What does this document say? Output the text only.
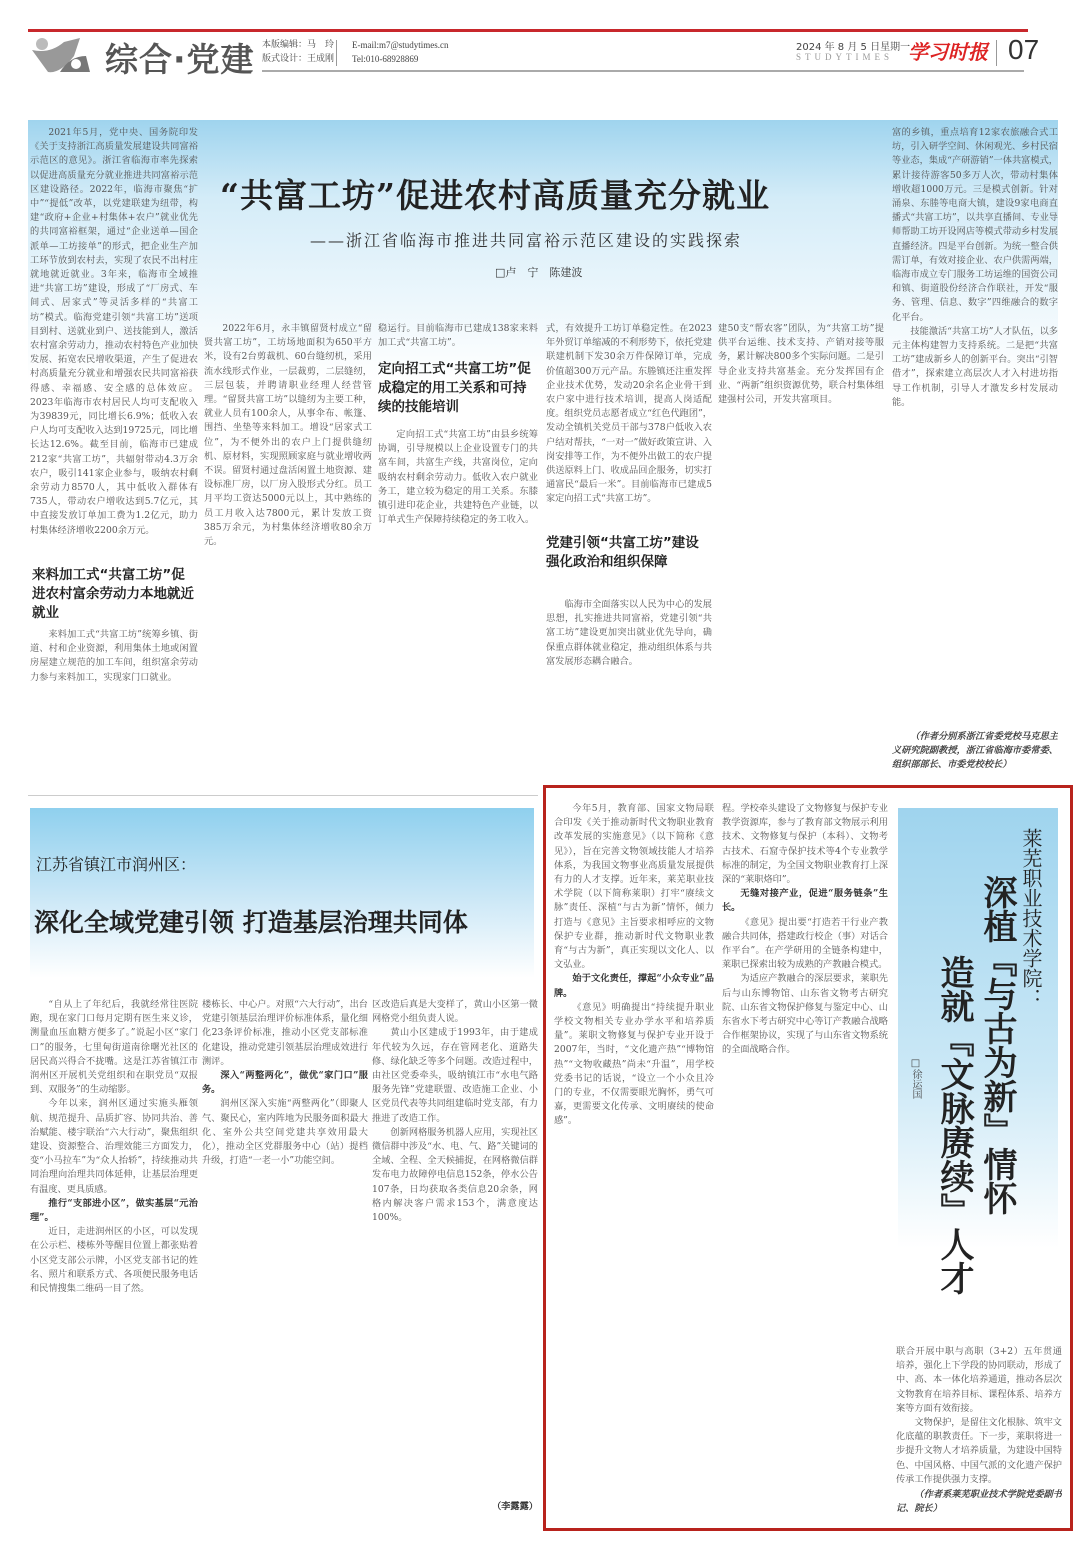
综合·党建 本版编辑：马　玲
版式设计：王成刚
E-mail:m7@studytimes.cn
Tel:010-68928869
2024 年 8 月 5 日星期一
STUDYTIMES 学习时报 07
“共富工坊”促进农村高质量充分就业
——浙江省临海市推进共同富裕示范区建设的实践探索
□卢　宁　陈建波

2021年5月，党中央、国务院印发《关于支持浙江高质量发展建设共同富裕示范区的意见》。浙江省临海市率先探索以促进高质量充分就业推进共同富裕示范区建设路径。2022年，临海市聚焦“扩中”“提低”改革，以党建联建为纽带，构建“政府+企业+村集体+农户”就业优先的共同富裕框架，通过“企业送单—国企派单—工坊接单”的形式，把企业生产加工环节放到农村去，实现了农民不出村庄就地就近就业。3年来，临海市全域推进“共富工坊”建设，形成了“厂房式、车间式、居家式”等灵活多样的“共富工坊”模式。临海党建引领“共富工坊”送项目到村、送就业到户、送技能到人，激活农村富余劳动力，推动农村特色产业加快发展、拓宽农民增收渠道，产生了促进农村高质量充分就业和增强农民共同富裕获得感、幸福感、安全感的总体效应。2023年临海市农村居民人均可支配收入为39839元，同比增长6.9%；低收入农户人均可支配收入达到19725元，同比增长达12.6%。截至目前，临海市已建成212家“共富工坊”，共辐射带动4.3万余农户，吸引141家企业参与，吸纳农村剩余劳动力8570人，其中低收入群体有735人，带动农户增收达到5.7亿元，其中直接发放订单加工费为1.2亿元，助力村集体经济增收2200余万元。

来料加工式“共富工坊”促进农村富余劳动力本地就近就业

来料加工式“共富工坊”统筹乡镇、街道、村和企业资源，利用集体土地或闲置房屋建立规范的加工车间，组织富余劳动力参与来料加工，实现家门口就业。

2022年6月，永丰镇留贤村成立“留贤共富工坊”，工坊场地面积为650平方米，设有2台剪裁机、60台缝纫机，采用流水线形式作业，一层裁剪，二层缝纫，三层包装，并聘请职业经理人经营管理。“留贤共富工坊”以缝纫为主要工种，就业人员有100余人，从事伞布、帐篷、围挡、坐垫等来料加工。增设“居家式工位”，为不便外出的农户上门提供缝纫机、原材料，实现照顾家庭与就业增收两不误。留贤村通过盘活闲置土地资源、建设标准厂房，以厂房入股形式分红。员工月平均工资达5000元以上，其中熟练的员工月收入达7800元，累计发放工资385万余元，为村集体经济增收80余万元。

稳运行。目前临海市已建成138家来料加工式“共富工坊”。

定向招工式“共富工坊”促成稳定的用工关系和可持续的技能培训

定向招工式“共富工坊”由县乡统筹协调，引导规模以上企业设置专门的共富车间，共富生产线，共富岗位，定向吸纳农村剩余劳动力。低收入农户就业务工，建立较为稳定的用工关系。东膝镇引进印花企业，共建特色产业链，以订单式生产保障持续稳定的务工收入。

式，有效提升工坊订单稳定性。在2023年外贸订单缩减的不利形势下，依托党建联建机制下发30余万件保障订单，完成价值超300万元产品。东塍镇还注重发挥企业技术优势，发动20余名企业骨干到农户家中进行技术培训，提高人岗适配度。组织党员志愿者成立“红色代跑团”，发动全镇机关党员干部与378户低收入农户结对帮扶，“一对一”做好政策宣讲、入岗安排等工作，为不便外出做工的农户提供送原料上门、收成品回企服务，切实打通富民“最后一米”。目前临海市已建成5家定向招工式“共富工坊”。

党建引领“共富工坊”建设强化政治和组织保障

临海市全面落实以人民为中心的发展思想，扎实推进共同富裕，党建引领“共富工坊”建设更加突出就业优先导向，确保重点群体就业稳定，推动组织体系与共富发展形态耦合融合。

建50支“帮农客”团队，为“共富工坊”提供平台运维、技术支持、产销对接等服务，累计解决800多个实际问题。二是引导企业支持共富基金。充分发挥国有企业、“两新”组织资源优势，联合村集体组建强村公司，开发共富项目。

富的乡镇，重点培育12家农旅融合式工坊，引入研学空间、休闲观光、乡村民宿等业态，集成“产研游销”一体共富模式，累计接待游客50多万人次，带动村集体增收超1000万元。三是模式创新。针对涌泉、东塍等电商大镇，建设9家电商直播式“共富工坊”，以共享直播间、专业导师帮助工坊开设网店等模式带动乡村发展直播经济。四是平台创新。为统一整合供需订单，有效对接企业、农户供需两端，临海市成立专门服务工坊运维的国资公司和镇、街道股份经济合作联社，开发“服务、管理、信息、数字”四维融合的数字化平台。

技能激活“共富工坊”人才队伍，以多元主体构建智力支持系统。二是把“共富工坊”建成新乡人的创新平台。突出“引智借才”，探索建立高层次人才入村进坊指导工作机制，引导人才激发乡村发展动能。

（作者分别系浙江省委党校马克思主义研究院副教授，浙江省临海市委常委、组织部部长、市委党校校长）

江苏省镇江市润州区：
深化全域党建引领 打造基层治理共同体

“自从上了年纪后，我就经常往医院跑，现在家门口每月定期有医生来义诊，测量血压血糖方便多了。”说起小区“家门口”的服务，七里甸街道南徐曙光社区的居民高兴得合不拢嘴。这是江苏省镇江市润州区开展机关党组织和在职党员“双报到、双服务”的生动缩影。

今年以来，润州区通过实施头雁领航、规范提升、品质扩容、协同共治、善治赋能、楼宇联治“六大行动”，聚焦组织建设、资源整合、治理效能三方面发力，变“小马拉车”为“众人抬轿”，持续推动共同治理向治理共同体延伸，让基层治理更有温度、更具质感。

推行“支部进小区”，做实基层“元治理”。

近日，走进润州区的小区，可以发现在公示栏、楼栋外等醒目位置上都张贴着小区党支部公示牌，小区党支部书记的姓名、照片和联系方式、各项便民服务电话和民情搜集二维码一目了然。

楼栋长、中心户。对照“六大行动”，出台党建引领基层治理评价标准体系，量化细化23条评价标准，推动小区党支部标准化建设，推动党建引领基层治理成效进行测评。

深入“两整两化”，做优“家门口”服务。

润州区深入实施“两整两化”（即聚人气、聚民心，室内阵地为民服务面积最大化、室外公共空间党建共享效用最大化），推动全区党群服务中心（站）提档升级，打造“一老一小”功能空间。

区改造后真是大变样了，黄山小区第一微网格党小组负责人说。

黄山小区建成于1993年，由于建成年代较为久远，存在管网老化、道路失修、绿化缺乏等多个问题。改造过程中，由社区党委牵头，吸纳镇江市“水电气路服务先锋”党建联盟、改造施工企业、小区党员代表等共同组建临时党支部，有力推进了改造工作。

创新网格服务机器人应用，实现社区微信群中涉及“水、电、气、路”关键词的全域、全程、全天候捕捉，在网格微信群发布电力故障停电信息152条，停水公告107条，日均获取各类信息20余条，网格内解决客户需求153个，满意度达100%。

（李露露）

莱芜职业技术学院：
深植『与古为新』情怀
造就『文脉赓续』人才
□徐运国

今年5月，教育部、国家文物局联合印发《关于推动新时代文物职业教育改革发展的实施意见》（以下简称《意见》），旨在完善文物领域技能人才培养体系，为我国文物事业高质量发展提供有力的人才支撑。近年来，莱芜职业技术学院（以下简称莱职）打牢“赓续文脉”责任、深植“与古为新”情怀，倾力打造与《意见》主旨要求相呼应的文物保护专业群，推动新时代文物职业教育“与古为新”，真正实现以文化人、以文弘业。

始于文化责任，撑起“小众专业”品牌。

《意见》明确提出“持续提升职业学校文物相关专业办学水平和培养质量”。莱职文物修复与保护专业开设于2007年，当时，“文化遗产热”“博物馆热”“文物收藏热”尚未“升温”，用学校党委书记的话说，“设立一个小众且冷门的专业，不仅需要眼光胸怀，勇气可嘉，更需要文化传承、文明赓续的使命感”。

程。学校牵头建设了文物修复与保护专业教学资源库，参与了教育部文物展示利用技术、文物修复与保护（本科）、文物考古技术、石窟寺保护技术等4个专业教学标准的制定，为全国文物职业教育打上深深的“莱职烙印”。

无缝对接产业，促进“服务链条”生长。

《意见》提出要“打造若干行业产教融合共同体，搭建政行校企（事）对话合作平台”。在产学研用的全链条构建中，莱职已探索出较为成熟的产教融合模式。

为适应产教融合的深层要求，莱职先后与山东博物馆、山东省文物考古研究院、山东省文物保护修复与鉴定中心、山东省水下考古研究中心等订产教融合战略合作框架协议，实现了与山东省文物系统的全面战略合作。

联合开展中职与高职（3+2）五年贯通培养，强化上下学段的协同联动，形成了中、高、本一体化培养通道，推动各层次文物教育在培养目标、课程体系、培养方案等方面有效衔接。

文物保护，是留住文化根脉、筑牢文化底蕴的职教责任。下一步，莱职将进一步提升文物人才培养质量，为建设中国特色、中国风格、中国气派的文化遗产保护传承工作提供强力支撑。

（作者系莱芜职业技术学院党委副书记、院长）
